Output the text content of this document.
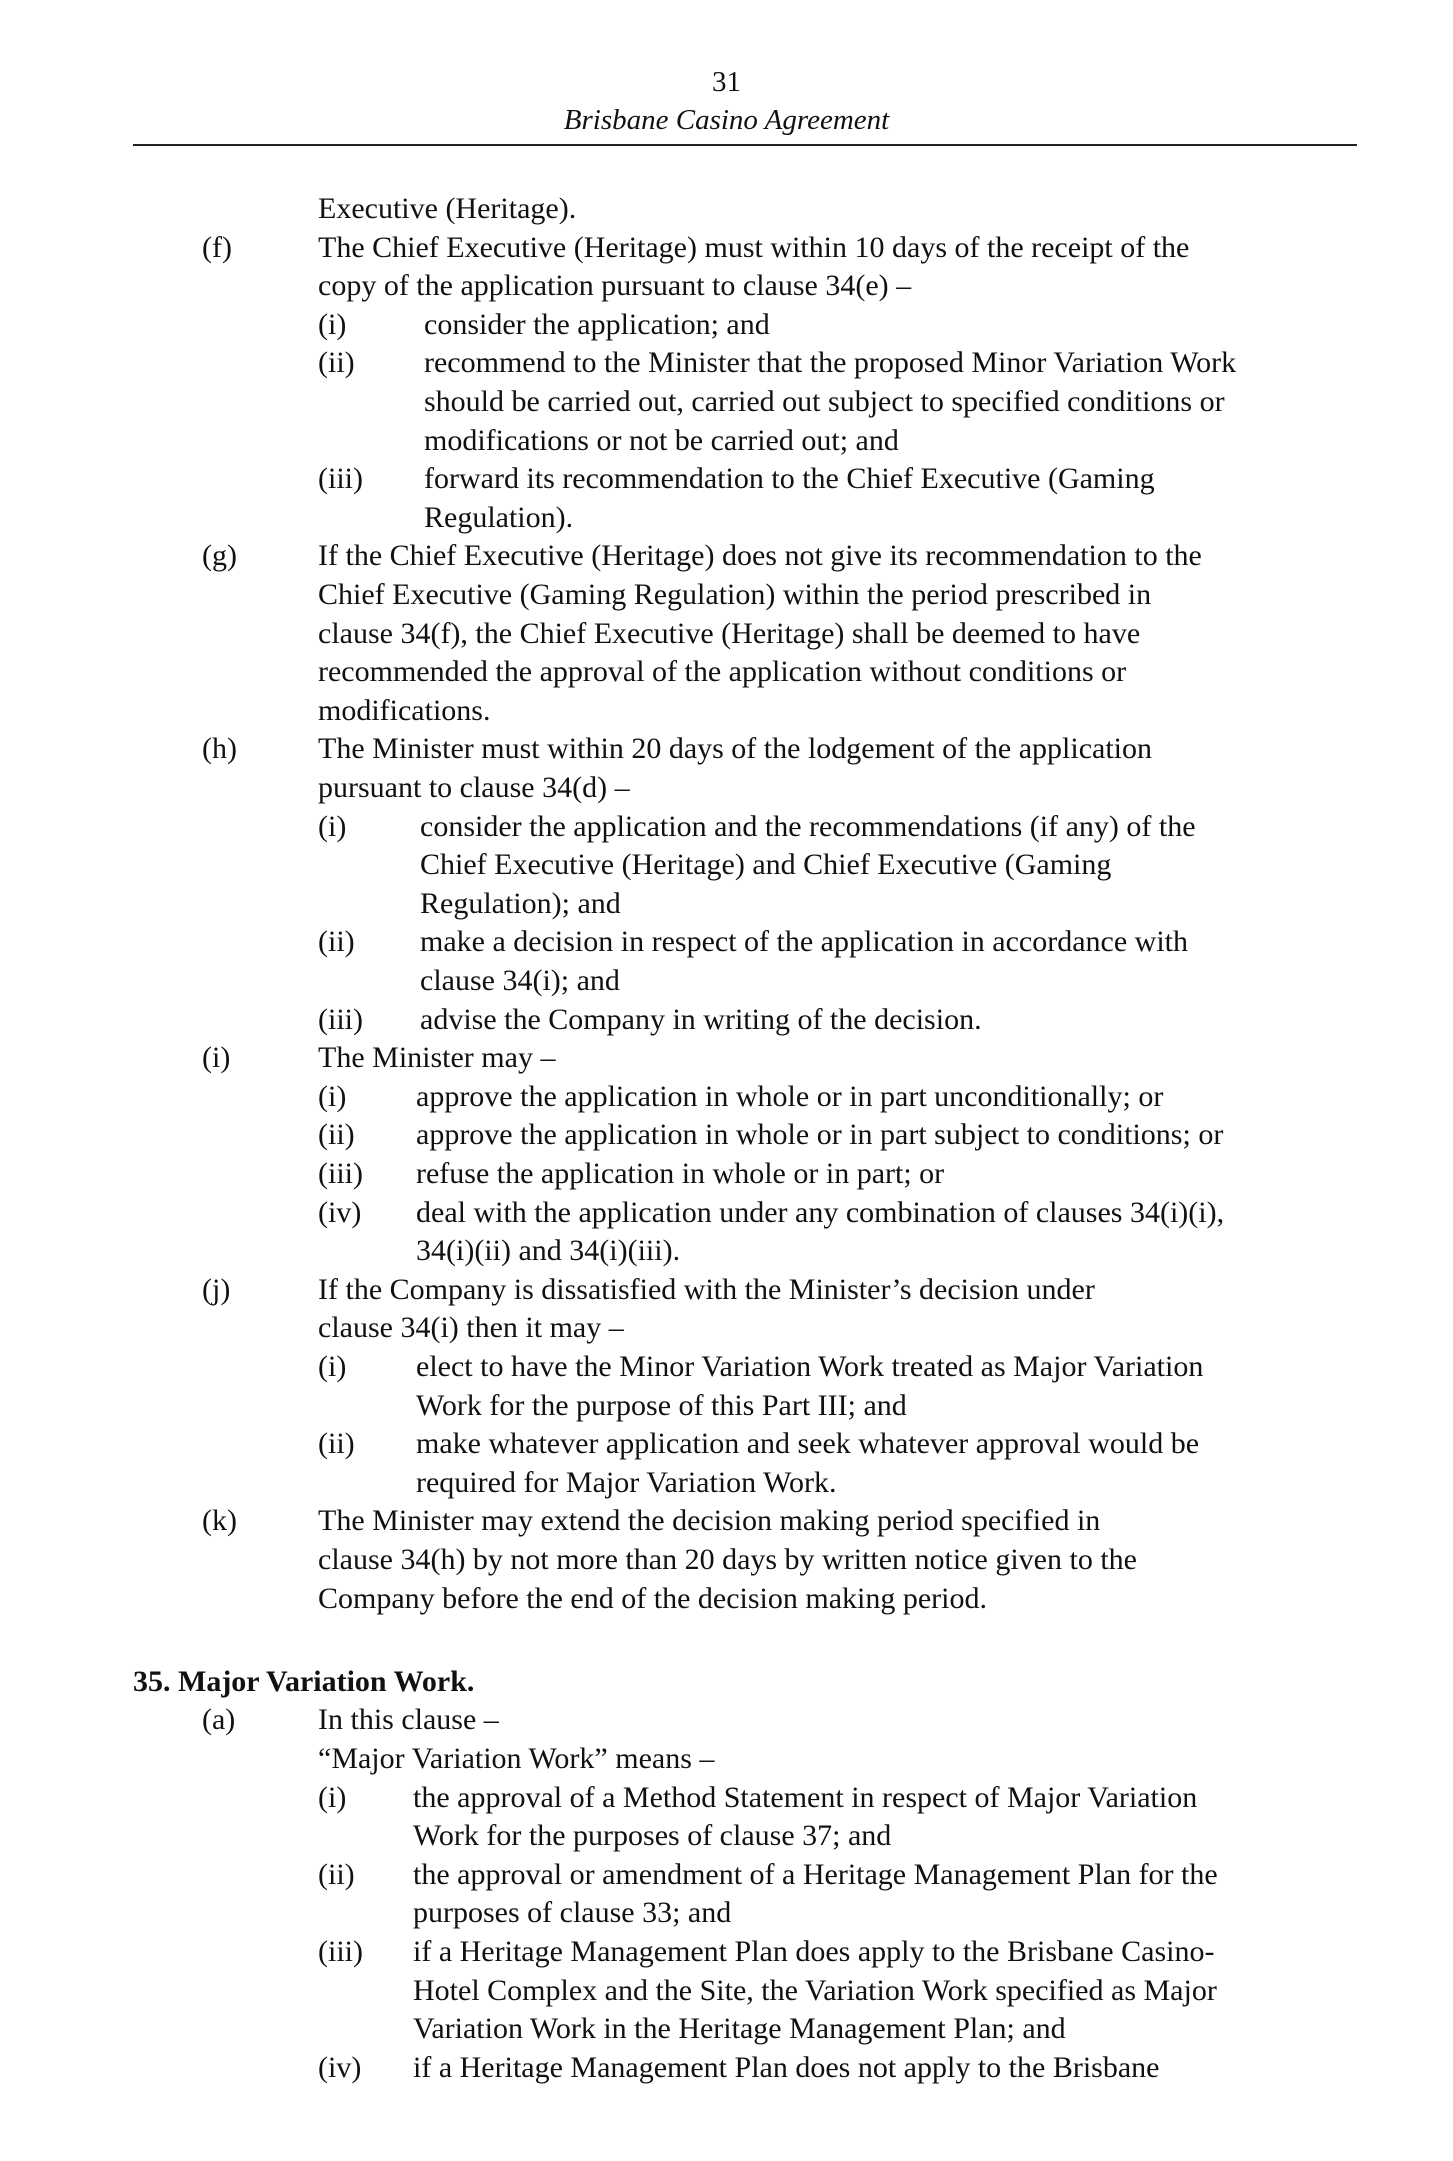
31
Brisbane Casino Agreement
Executive (Heritage).
(f)	The Chief Executive (Heritage) must within 10 days of the receipt of the
copy of the application pursuant to clause 34(e) –
(i)	consider the application; and
(ii) recommend to the Minister that the proposed Minor Variation Work
should be carried out, carried out subject to specified conditions or
modifications or not be carried out; and
(iii) forward its recommendation to the Chief Executive (Gaming
Regulation).
(g)	If the Chief Executive (Heritage) does not give its recommendation to the
Chief Executive (Gaming Regulation) within the period prescribed in
clause 34(f), the Chief Executive (Heritage) shall be deemed to have
recommended the approval of the application without conditions or
modifications.
(h)	The Minister must within 20 days of the lodgement of the application
pursuant to clause 34(d) –
(i) consider the application and the recommendations (if any) of the
Chief Executive (Heritage) and Chief Executive (Gaming
Regulation); and
(ii) make a decision in respect of the application in accordance with
clause 34(i); and
(iii) advise the Company in writing of the decision.
(i)	The Minister may –
(i) approve the application in whole or in part unconditionally; or
(ii) approve the application in whole or in part subject to conditions; or
(iii) refuse the application in whole or in part; or
(iv) deal with the application under any combination of clauses 34(i)(i),
34(i)(ii) and 34(i)(iii).
(j)	If the Company is dissatisfied with the Minister’s decision under
clause 34(i) then it may –
(i) elect to have the Minor Variation Work treated as Major Variation
Work for the purpose of this Part III; and
(ii) make whatever application and seek whatever approval would be
required for Major Variation Work.
(k)	The Minister may extend the decision making period specified in
clause 34(h) by not more than 20 days by written notice given to the
Company before the end of the decision making period.
35. Major Variation Work.
(a)	In this clause –
“Major Variation Work” means –
(i) the approval of a Method Statement in respect of Major Variation
Work for the purposes of clause 37; and
(ii) the approval or amendment of a Heritage Management Plan for the
purposes of clause 33; and
(iii) if a Heritage Management Plan does apply to the Brisbane Casino-
Hotel Complex and the Site, the Variation Work specified as Major
Variation Work in the Heritage Management Plan; and
(iv) if a Heritage Management Plan does not apply to the Brisbane
